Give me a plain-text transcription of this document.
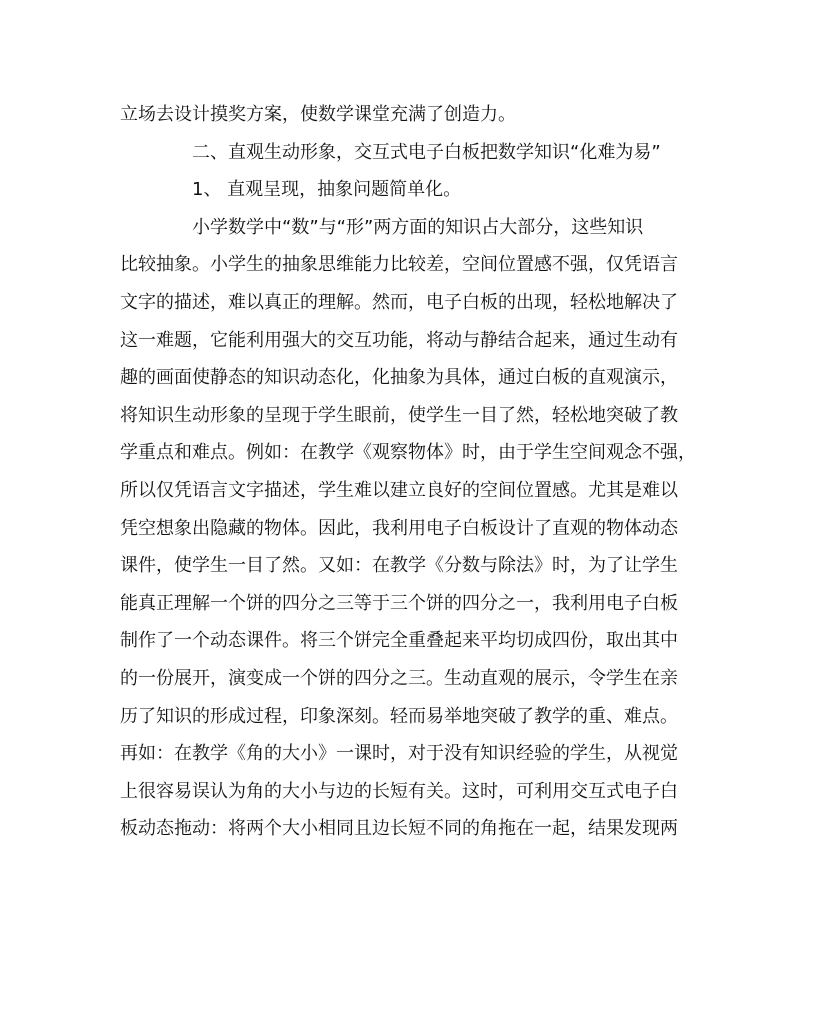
立场去设计摸奖方案，使数学课堂充满了创造力。
二、直观生动形象，交互式电子白板把数学知识“化难为易”
1、 直观呈现，抽象问题简单化。
小学数学中“数”与“形”两方面的知识占大部分，这些知识
比较抽象。小学生的抽象思维能力比较差，空间位置感不强，仅凭语言
文字的描述，难以真正的理解。然而，电子白板的出现，轻松地解决了
这一难题，它能利用强大的交互功能，将动与静结合起来，通过生动有
趣的画面使静态的知识动态化，化抽象为具体，通过白板的直观演示，
将知识生动形象的呈现于学生眼前，使学生一目了然，轻松地突破了教
学重点和难点。例如：在教学《观察物体》时，由于学生空间观念不强，
所以仅凭语言文字描述，学生难以建立良好的空间位置感。尤其是难以
凭空想象出隐藏的物体。因此，我利用电子白板设计了直观的物体动态
课件，使学生一目了然。又如：在教学《分数与除法》时，为了让学生
能真正理解一个饼的四分之三等于三个饼的四分之一，我利用电子白板
制作了一个动态课件。将三个饼完全重叠起来平均切成四份，取出其中
的一份展开，演变成一个饼的四分之三。生动直观的展示，令学生在亲
历了知识的形成过程，印象深刻。轻而易举地突破了教学的重、难点。
再如：在教学《角的大小》一课时，对于没有知识经验的学生，从视觉
上很容易误认为角的大小与边的长短有关。这时，可利用交互式电子白
板动态拖动：将两个大小相同且边长短不同的角拖在一起，结果发现两
